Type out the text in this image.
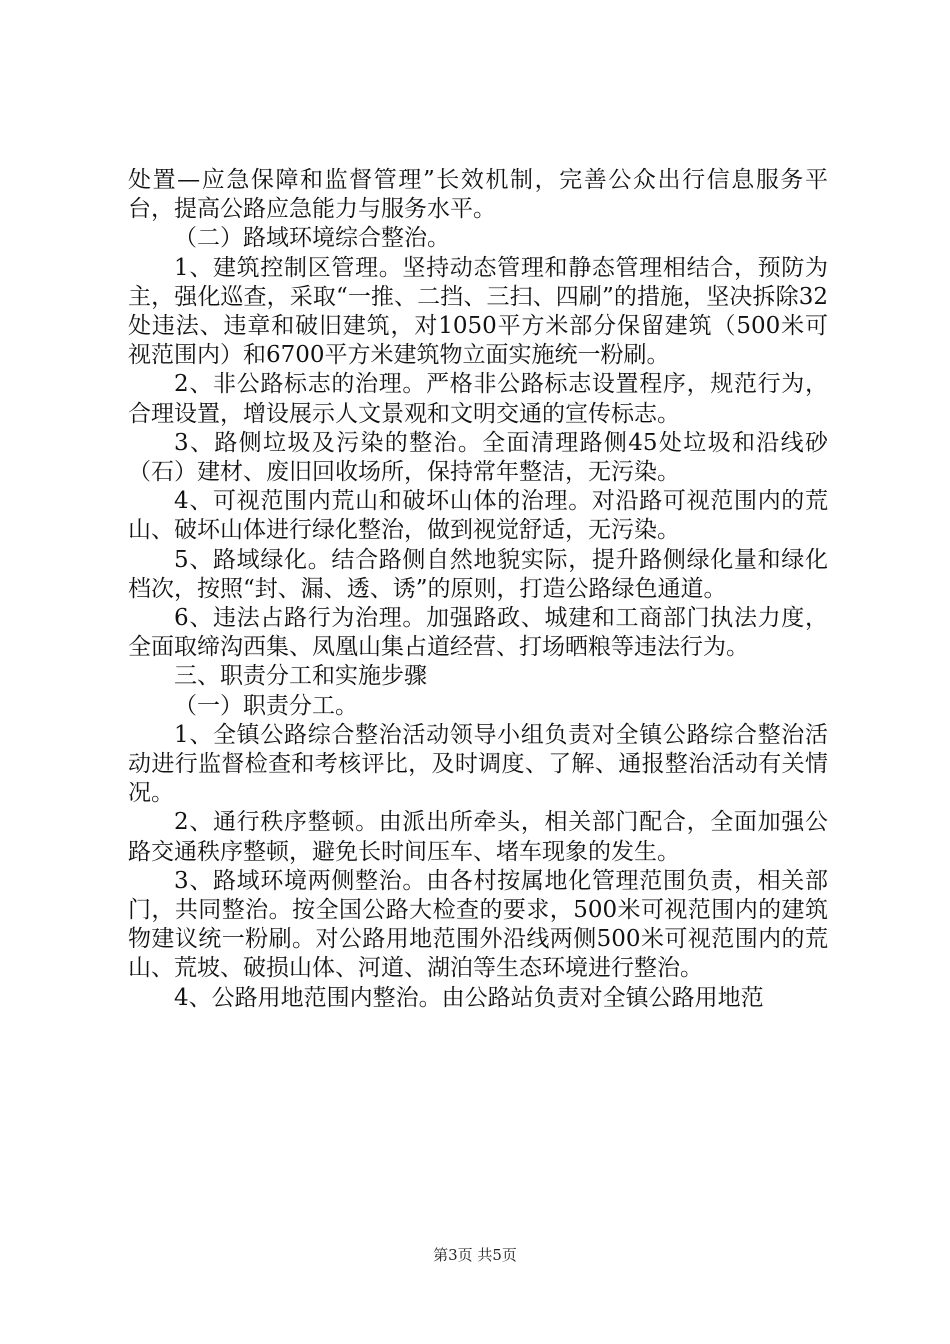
处置—应急保障和监督管理”长效机制，完善公众出行信息服务平台，提高公路应急能力与服务水平。

（二）路域环境综合整治。

1、建筑控制区管理。坚持动态管理和静态管理相结合，预防为主，强化巡查，采取“一推、二挡、三扫、四刷”的措施，坚决拆除32处违法、违章和破旧建筑，对1050平方米部分保留建筑（500米可视范围内）和6700平方米建筑物立面实施统一粉刷。

2、非公路标志的治理。严格非公路标志设置程序，规范行为，合理设置，增设展示人文景观和文明交通的宣传标志。

3、路侧垃圾及污染的整治。全面清理路侧45处垃圾和沿线砂（石）建材、废旧回收场所，保持常年整洁，无污染。

4、可视范围内荒山和破坏山体的治理。对沿路可视范围内的荒山、破坏山体进行绿化整治，做到视觉舒适，无污染。

5、路域绿化。结合路侧自然地貌实际，提升路侧绿化量和绿化档次，按照“封、漏、透、诱”的原则，打造公路绿色通道。

6、违法占路行为治理。加强路政、城建和工商部门执法力度，全面取缔沟西集、凤凰山集占道经营、打场晒粮等违法行为。

三、职责分工和实施步骤

（一）职责分工。

1、全镇公路综合整治活动领导小组负责对全镇公路综合整治活动进行监督检查和考核评比，及时调度、了解、通报整治活动有关情况。

2、通行秩序整顿。由派出所牵头，相关部门配合，全面加强公路交通秩序整顿，避免长时间压车、堵车现象的发生。

3、路域环境两侧整治。由各村按属地化管理范围负责，相关部门，共同整治。按全国公路大检查的要求，500米可视范围内的建筑物建议统一粉刷。对公路用地范围外沿线两侧500米可视范围内的荒山、荒坡、破损山体、河道、湖泊等生态环境进行整治。

4、公路用地范围内整治。由公路站负责对全镇公路用地范

第3页 共5页
